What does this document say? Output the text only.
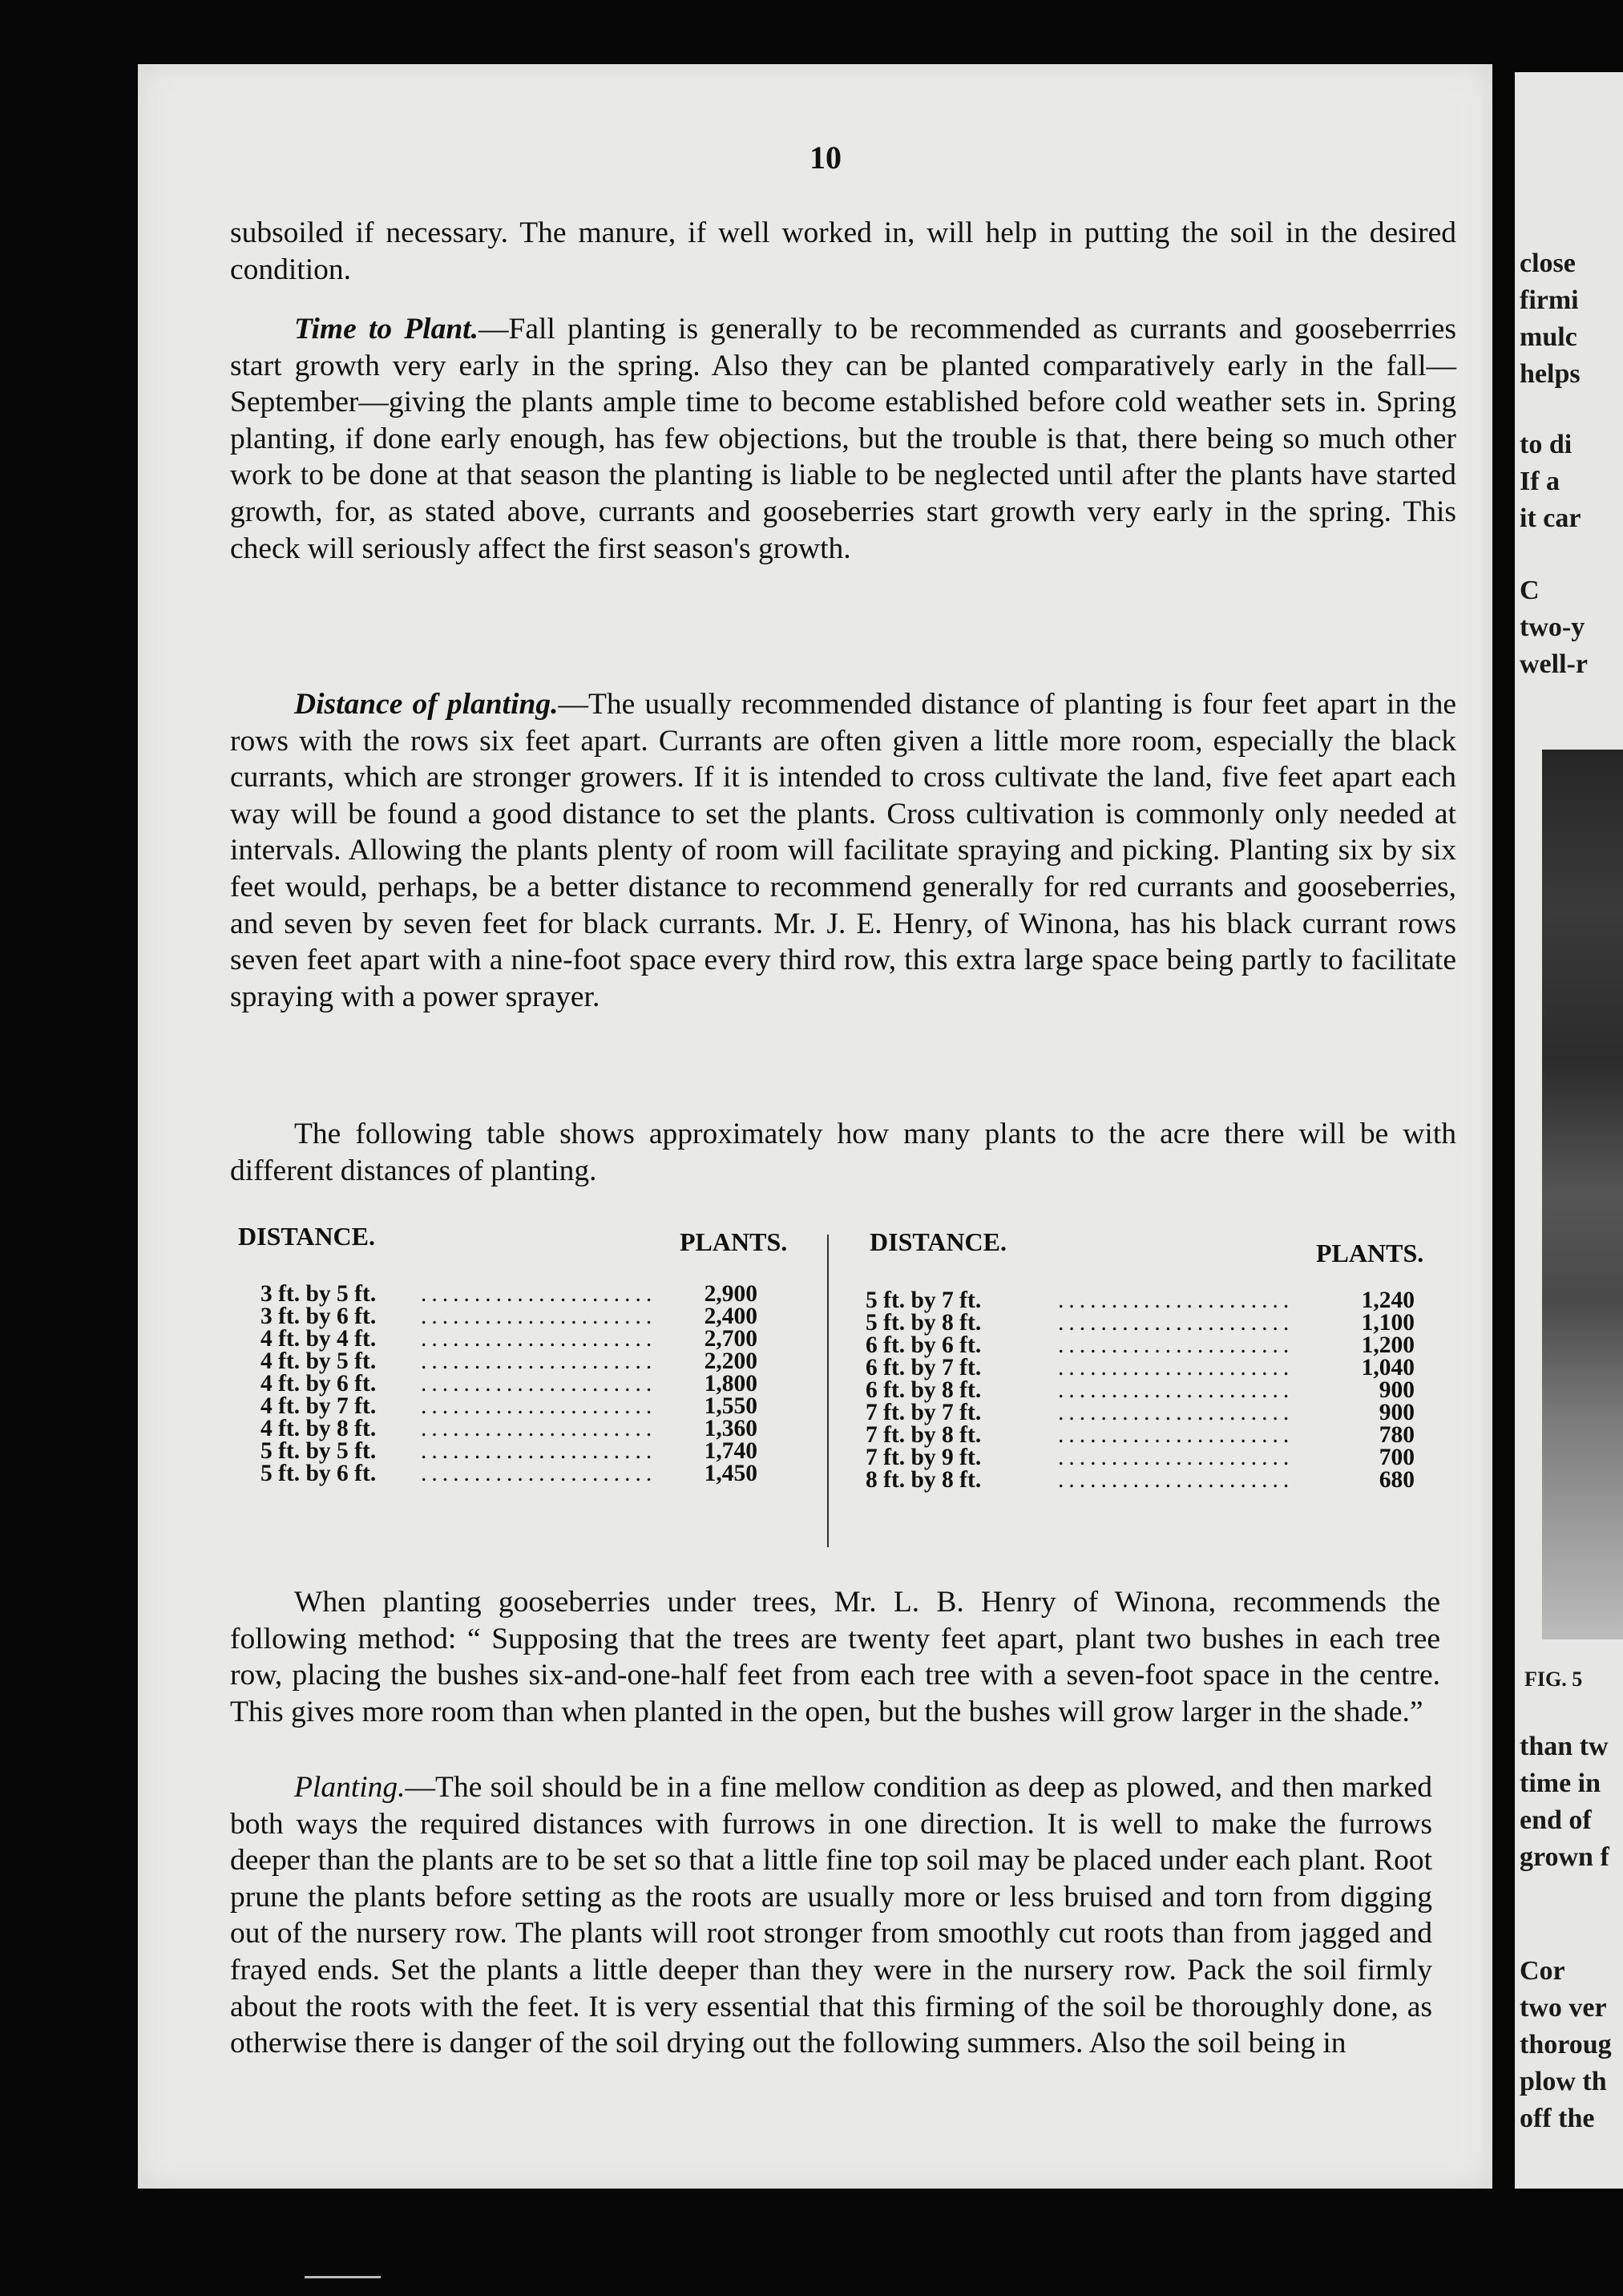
10

subsoiled if necessary. The manure, if well worked in, will help in putting the soil in the desired condition.

Time to Plant.—Fall planting is generally to be recommended as currants and gooseberrries start growth very early in the spring. Also they can be planted comparatively early in the fall—September—giving the plants ample time to become established before cold weather sets in. Spring planting, if done early enough, has few objections, but the trouble is that, there being so much other work to be done at that season the planting is liable to be neglected until after the plants have started growth, for, as stated above, currants and gooseberries start growth very early in the spring. This check will seriously affect the first season's growth.

Distance of planting.—The usually recommended distance of planting is four feet apart in the rows with the rows six feet apart. Currants are often given a little more room, especially the black currants, which are stronger growers. If it is intended to cross cultivate the land, five feet apart each way will be found a good distance to set the plants. Cross cultivation is commonly only needed at intervals. Allowing the plants plenty of room will facilitate spraying and picking. Planting six by six feet would, perhaps, be a better distance to recommend generally for red currants and gooseberries, and seven by seven feet for black currants. Mr. J. E. Henry, of Winona, has his black currant rows seven feet apart with a nine-foot space every third row, this extra large space being partly to facilitate spraying with a power sprayer.

The following table shows approximately how many plants to the acre there will be with different distances of planting.

DISTANCE.	PLANTS.	DISTANCE.	PLANTS.
3 ft. by 5 ft. ......................	2,900
3 ft. by 6 ft. ......................	2,400
4 ft. by 4 ft. ......................	2,700
4 ft. by 5 ft. ......................	2,200
4 ft. by 6 ft. ......................	1,800
4 ft. by 7 ft. ......................	1,550
4 ft. by 8 ft. ......................	1,360
5 ft. by 5 ft. ......................	1,740
5 ft. by 6 ft. ......................	1,450
5 ft. by 7 ft.	......................	1,240
5 ft. by 8 ft.	......................	1,100
6 ft. by 6 ft.	......................	1,200
6 ft. by 7 ft.	......................	1,040
6 ft. by 8 ft.	......................	900
7 ft. by 7 ft.	......................	900
7 ft. by 8 ft.	......................	780
7 ft. by 9 ft.	......................	700
8 ft. by 8 ft.	......................	680

When planting gooseberries under trees, Mr. L. B. Henry of Winona, recommends the following method: “ Supposing that the trees are twenty feet apart, plant two bushes in each tree row, placing the bushes six-and-one-half feet from each tree with a seven-foot space in the centre. This gives more room than when planted in the open, but the bushes will grow larger in the shade.”

Planting.—The soil should be in a fine mellow condition as deep as plowed, and then marked both ways the required distances with furrows in one direction. It is well to make the furrows deeper than the plants are to be set so that a little fine top soil may be placed under each plant. Root prune the plants before setting as the roots are usually more or less bruised and torn from digging out of the nursery row. The plants will root stronger from smoothly cut roots than from jagged and frayed ends. Set the plants a little deeper than they were in the nursery row. Pack the soil firmly about the roots with the feet. It is very essential that this firming of the soil be thoroughly done, as otherwise there is danger of the soil drying out the following summers. Also the soil being in

close

firmi

mulc

helps

to di

If a

it car

C

two-y

well-r

FIG. 5

than tw

time in

end of

grown f

Cor

two ver

thoroug

plow th

off the
